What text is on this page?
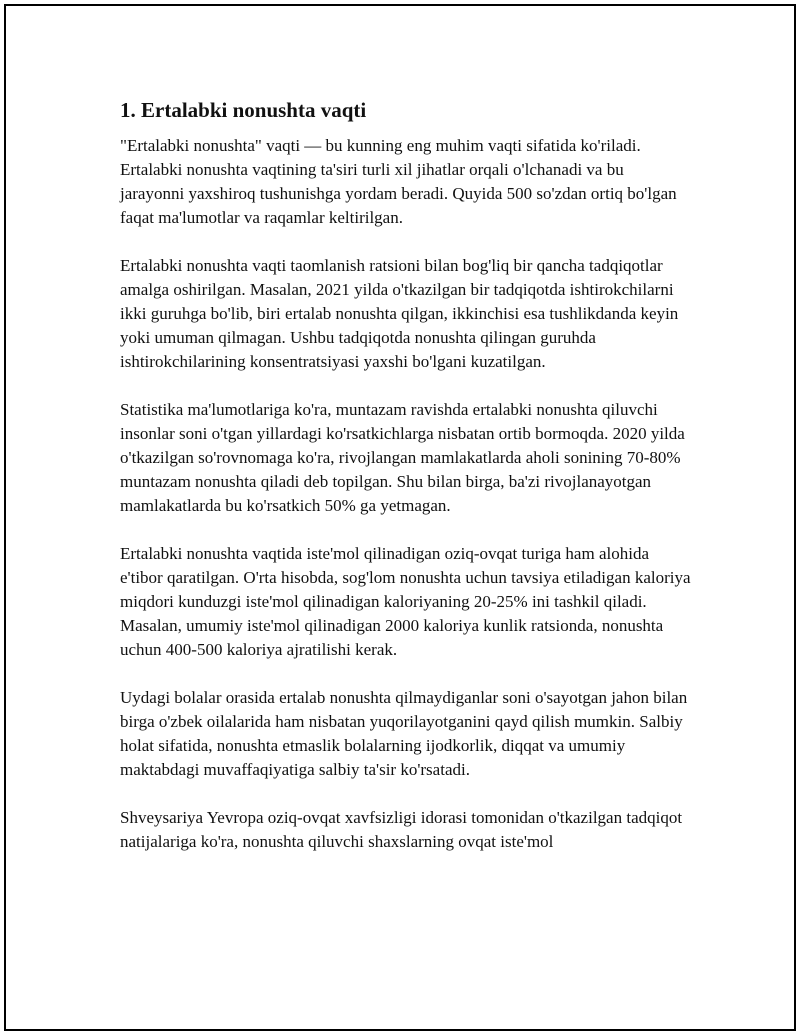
1. Ertalabki nonushta vaqti

"Ertalabki nonushta" vaqti — bu kunning eng muhim vaqti sifatida ko'riladi. Ertalabki nonushta vaqtining ta'siri turli xil jihatlar orqali o'lchanadi va bu jarayonni yaxshiroq tushunishga yordam beradi. Quyida 500 so'zdan ortiq bo'lgan faqat ma'lumotlar va raqamlar keltirilgan.

Ertalabki nonushta vaqti taomlanish ratsioni bilan bog'liq bir qancha tadqiqotlar amalga oshirilgan. Masalan, 2021 yilda o'tkazilgan bir tadqiqotda ishtirokchilarni ikki guruhga bo'lib, biri ertalab nonushta qilgan, ikkinchisi esa tushlikdanda keyin yoki umuman qilmagan. Ushbu tadqiqotda nonushta qilingan guruhda ishtirokchilarining konsentratsiyasi yaxshi bo'lgani kuzatilgan.

Statistika ma'lumotlariga ko'ra, muntazam ravishda ertalabki nonushta qiluvchi insonlar soni o'tgan yillardagi ko'rsatkichlarga nisbatan ortib bormoqda. 2020 yilda o'tkazilgan so'rovnomaga ko'ra, rivojlangan mamlakatlarda aholi sonining 70-80% muntazam nonushta qiladi deb topilgan. Shu bilan birga, ba'zi rivojlanayotgan mamlakatlarda bu ko'rsatkich 50% ga yetmagan.

Ertalabki nonushta vaqtida iste'mol qilinadigan oziq-ovqat turiga ham alohida e'tibor qaratilgan. O'rta hisobda, sog'lom nonushta uchun tavsiya etiladigan kaloriya miqdori kunduzgi iste'mol qilinadigan kaloriyaning 20-25% ini tashkil qiladi. Masalan, umumiy iste'mol qilinadigan 2000 kaloriya kunlik ratsionda, nonushta uchun 400-500 kaloriya ajratilishi kerak.

Uydagi bolalar orasida ertalab nonushta qilmaydiganlar soni o'sayotgan jahon bilan birga o'zbek oilalarida ham nisbatan yuqorilayotganini qayd qilish mumkin. Salbiy holat sifatida, nonushta etmaslik bolalarning ijodkorlik, diqqat va umumiy maktabdagi muvaffaqiyatiga salbiy ta'sir ko'rsatadi.

Shveysariya Yevropa oziq-ovqat xavfsizligi idorasi tomonidan o'tkazilgan tadqiqot natijalariga ko'ra, nonushta qiluvchi shaxslarning ovqat iste'mol
